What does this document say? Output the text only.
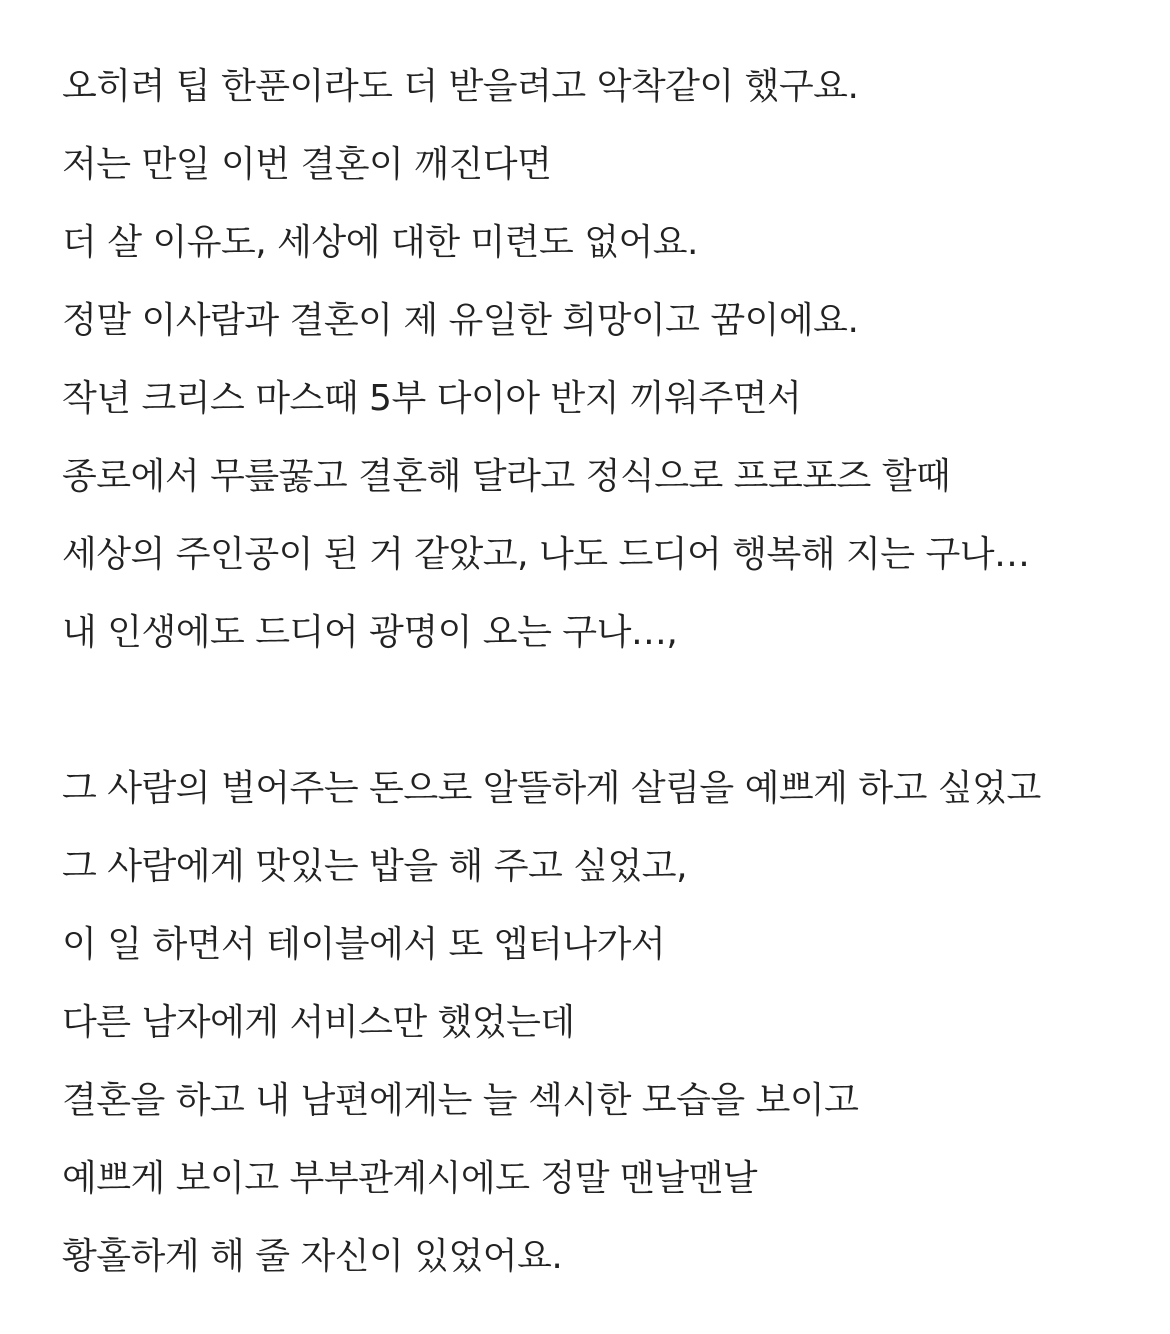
오히려 팁 한푼이라도 더 받을려고 악착같이 했구요.
저는 만일 이번 결혼이 깨진다면
더 살 이유도, 세상에 대한 미련도 없어요.
정말 이사람과 결혼이 제 유일한 희망이고 꿈이에요.
작년 크리스 마스때 5부 다이아 반지 끼워주면서
종로에서 무릎꿇고 결혼해 달라고 정식으로 프로포즈 할때
세상의 주인공이 된 거 같았고, 나도 드디어 행복해 지는 구나…
내 인생에도 드디어 광명이 오는 구나…,
그 사람의 벌어주는 돈으로 알뜰하게 살림을 예쁘게 하고 싶었고
그 사람에게 맛있는 밥을 해 주고 싶었고,
이 일 하면서 테이블에서 또 엡터나가서
다른 남자에게 서비스만 했었는데
결혼을 하고 내 남편에게는 늘 섹시한 모습을 보이고
예쁘게 보이고 부부관계시에도 정말 맨날맨날
황홀하게 해 줄 자신이 있었어요.
